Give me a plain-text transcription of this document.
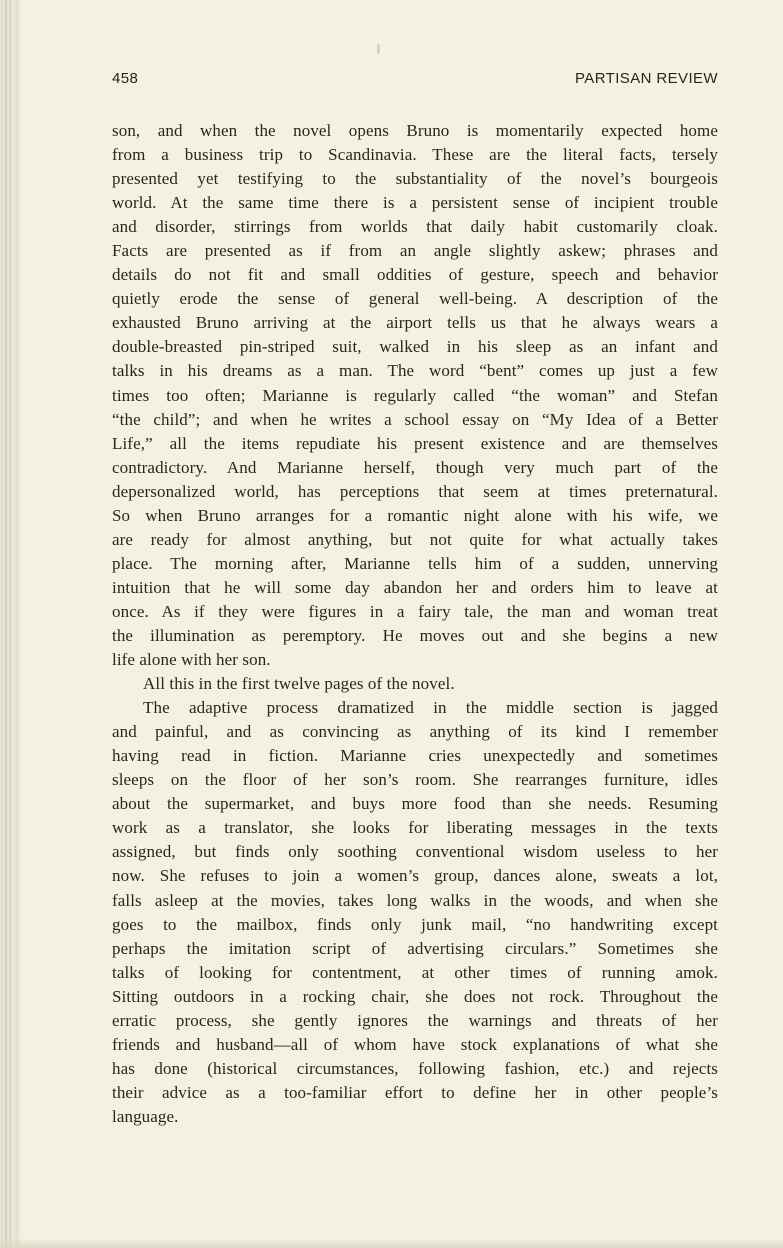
458	PARTISAN REVIEW
son, and when the novel opens Bruno is momentarily expected home
from a business trip to Scandinavia. These are the literal facts, tersely
presented yet testifying to the substantiality of the novel’s bourgeois
world. At the same time there is a persistent sense of incipient trouble
and disorder, stirrings from worlds that daily habit customarily cloak.
Facts are presented as if from an angle slightly askew; phrases and
details do not fit and small oddities of gesture, speech and behavior
quietly erode the sense of general well-being. A description of the
exhausted Bruno arriving at the airport tells us that he always wears a
double-breasted pin-striped suit, walked in his sleep as an infant and
talks in his dreams as a man. The word “bent” comes up just a few
times too often; Marianne is regularly called “the woman” and Stefan
“the child”; and when he writes a school essay on “My Idea of a Better
Life,” all the items repudiate his present existence and are themselves
contradictory. And Marianne herself, though very much part of the
depersonalized world, has perceptions that seem at times preternatural.
So when Bruno arranges for a romantic night alone with his wife, we
are ready for almost anything, but not quite for what actually takes
place. The morning after, Marianne tells him of a sudden, unnerving
intuition that he will some day abandon her and orders him to leave at
once. As if they were figures in a fairy tale, the man and woman treat
the illumination as peremptory. He moves out and she begins a new
life alone with her son.
All this in the first twelve pages of the novel.
The adaptive process dramatized in the middle section is jagged
and painful, and as convincing as anything of its kind I remember
having read in fiction. Marianne cries unexpectedly and sometimes
sleeps on the floor of her son’s room. She rearranges furniture, idles
about the supermarket, and buys more food than she needs. Resuming
work as a translator, she looks for liberating messages in the texts
assigned, but finds only soothing conventional wisdom useless to her
now. She refuses to join a women’s group, dances alone, sweats a lot,
falls asleep at the movies, takes long walks in the woods, and when she
goes to the mailbox, finds only junk mail, “no handwriting except
perhaps the imitation script of advertising circulars.” Sometimes she
talks of looking for contentment, at other times of running amok.
Sitting outdoors in a rocking chair, she does not rock. Throughout the
erratic process, she gently ignores the warnings and threats of her
friends and husband—all of whom have stock explanations of what she
has done (historical circumstances, following fashion, etc.) and rejects
their advice as a too-familiar effort to define her in other people’s
language.
